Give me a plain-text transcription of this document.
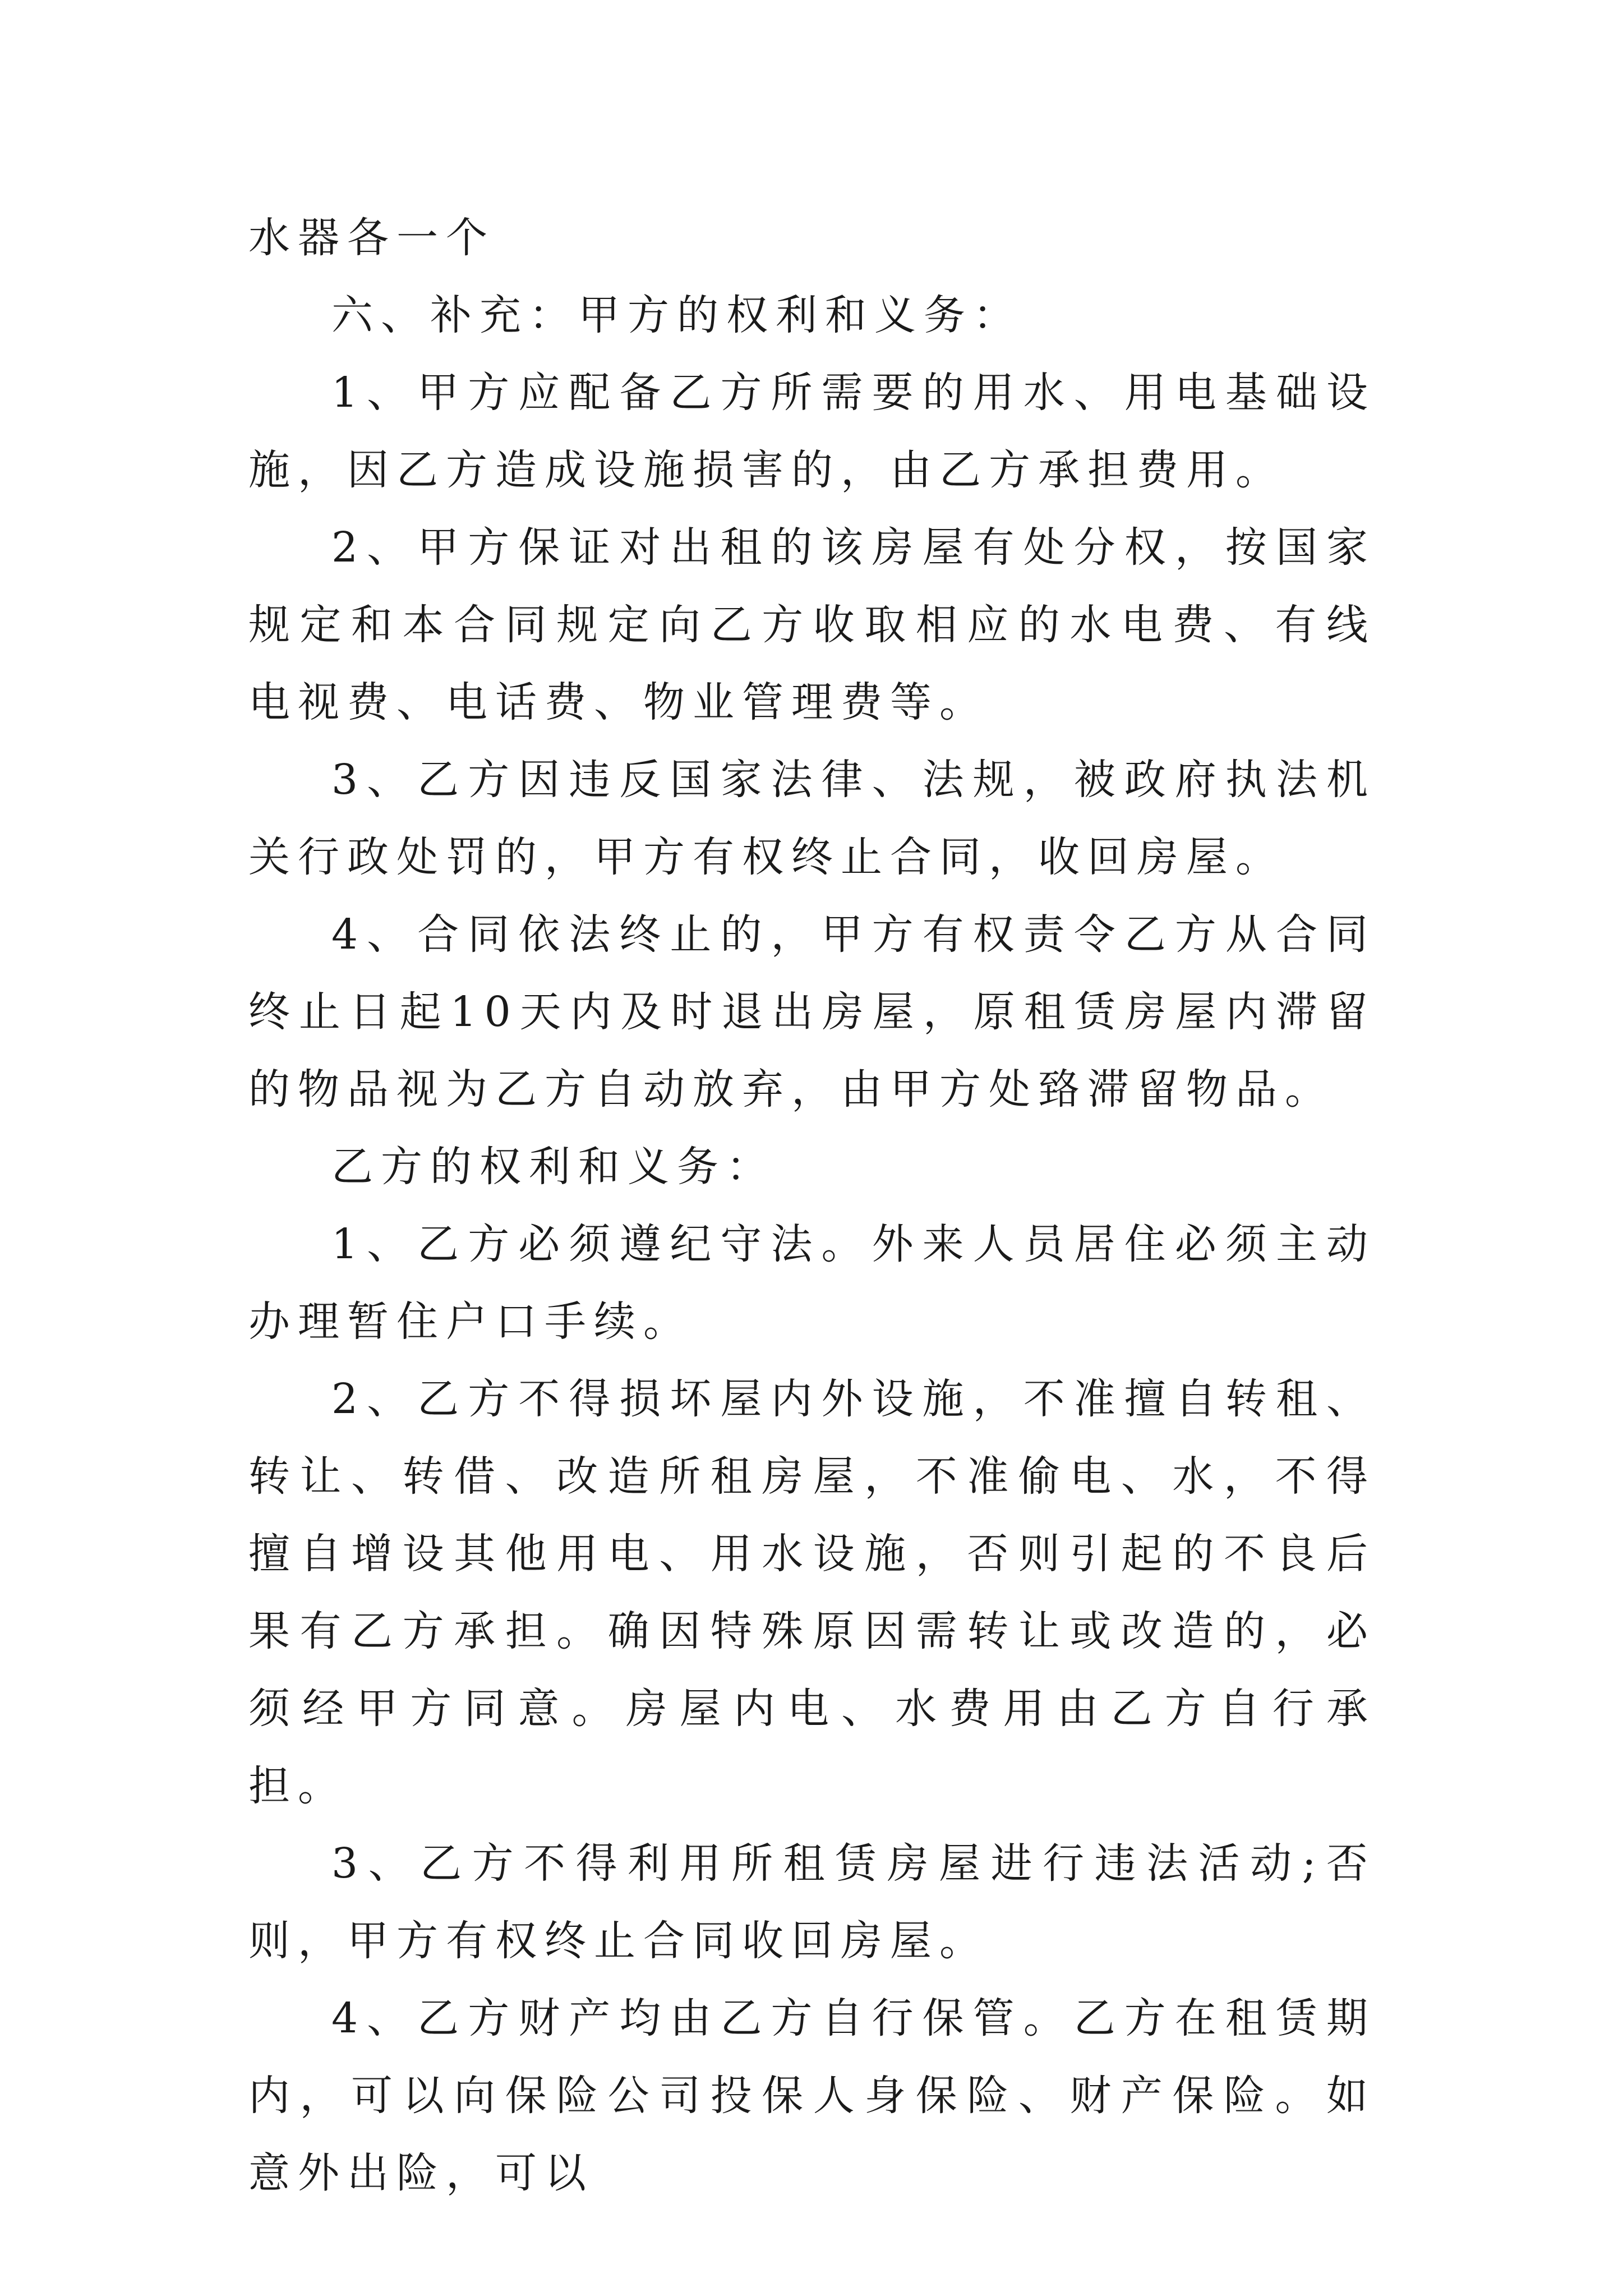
水器各一个

六、补充：甲方的权利和义务：

1、甲方应配备乙方所需要的用水、用电基础设施，因乙方造成设施损害的，由乙方承担费用。

2、甲方保证对出租的该房屋有处分权，按国家规定和本合同规定向乙方收取相应的水电费、有线电视费、电话费、物业管理费等。

3、乙方因违反国家法律、法规，被政府执法机关行政处罚的，甲方有权终止合同，收回房屋。

4、合同依法终止的，甲方有权责令乙方从合同终止日起10天内及时退出房屋，原租赁房屋内滞留的物品视为乙方自动放弃，由甲方处臵滞留物品。

乙方的权利和义务：

1、乙方必须遵纪守法。外来人员居住必须主动办理暂住户口手续。

2、乙方不得损坏屋内外设施，不准擅自转租、转让、转借、改造所租房屋，不准偷电、水，不得擅自增设其他用电、用水设施，否则引起的不良后果有乙方承担。确因特殊原因需转让或改造的，必须经甲方同意。房屋内电、水费用由乙方自行承担。

3、乙方不得利用所租赁房屋进行违法活动;否则，甲方有权终止合同收回房屋。

4、乙方财产均由乙方自行保管。乙方在租赁期内，可以向保险公司投保人身保险、财产保险。如意外出险，可以
